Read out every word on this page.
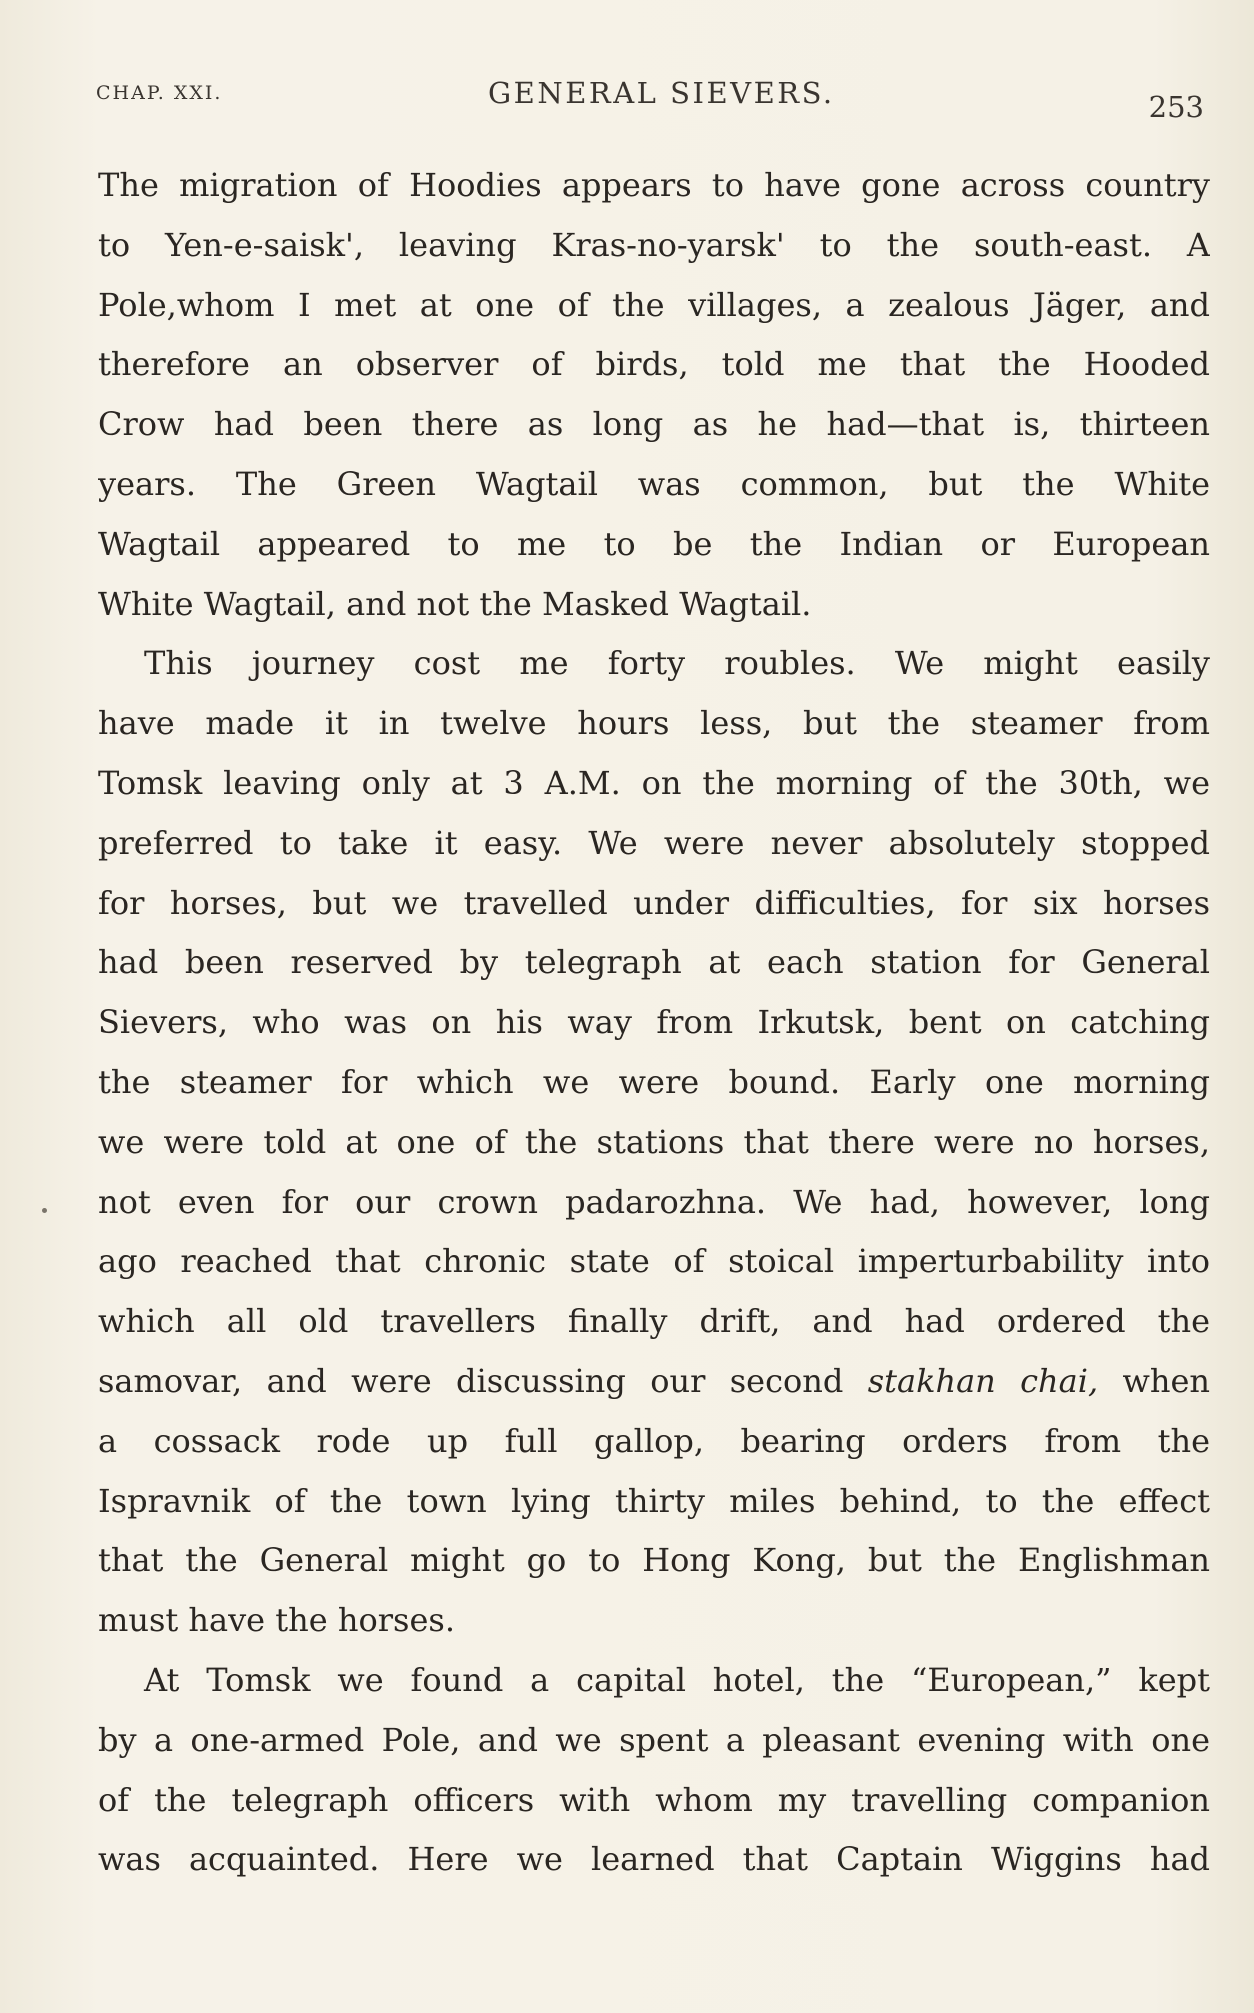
CHAP. XXI.	GENERAL SIEVERS.	253
The migration of Hoodies appears to have gone across country
to Yen-e-saisk', leaving Kras-no-yarsk' to the south-east. A
Pole,whom I met at one of the villages, a zealous Jäger, and
therefore an observer of birds, told me that the Hooded
Crow had been there as long as he had—that is, thirteen
years. The Green Wagtail was common, but the White
Wagtail appeared to me to be the Indian or European
White Wagtail, and not the Masked Wagtail.
This journey cost me forty roubles. We might easily
have made it in twelve hours less, but the steamer from
Tomsk leaving only at 3 A.M. on the morning of the 30th, we
preferred to take it easy. We were never absolutely stopped
for horses, but we travelled under difficulties, for six horses
had been reserved by telegraph at each station for General
Sievers, who was on his way from Irkutsk, bent on catching
the steamer for which we were bound. Early one morning
we were told at one of the stations that there were no horses,
not even for our crown padarozhna. We had, however, long
ago reached that chronic state of stoical imperturbability into
which all old travellers finally drift, and had ordered the
samovar, and were discussing our second stakhan chai, when
a cossack rode up full gallop, bearing orders from the
Ispravnik of the town lying thirty miles behind, to the effect
that the General might go to Hong Kong, but the Englishman
must have the horses.
At Tomsk we found a capital hotel, the “European,” kept
by a one-armed Pole, and we spent a pleasant evening with one
of the telegraph officers with whom my travelling companion
was acquainted. Here we learned that Captain Wiggins had
